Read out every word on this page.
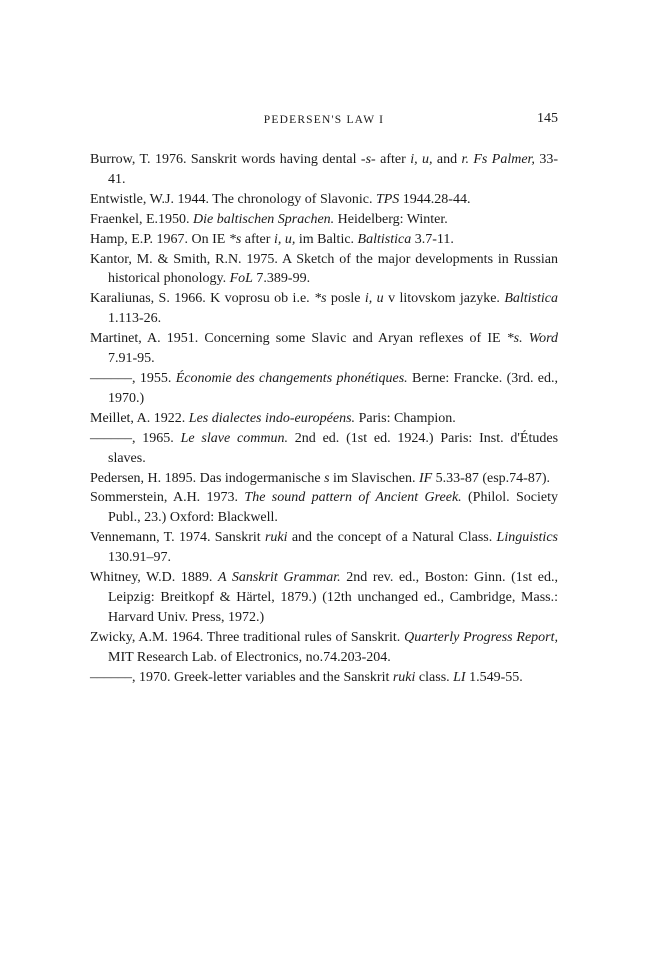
PEDERSEN'S LAW I	145
Burrow, T. 1976. Sanskrit words having dental -s- after i, u, and r. Fs Palmer, 33-41.
Entwistle, W.J. 1944. The chronology of Slavonic. TPS 1944.28-44.
Fraenkel, E.1950. Die baltischen Sprachen. Heidelberg: Winter.
Hamp, E.P. 1967. On IE *s after i, u, im Baltic. Baltistica 3.7-11.
Kantor, M. & Smith, R.N. 1975. A Sketch of the major developments in Russian historical phonology. FoL 7.389-99.
Karaliunas, S. 1966. K voprosu ob i.e. *s posle i, u v litovskom jazyke. Baltistica 1.113-26.
Martinet, A. 1951. Concerning some Slavic and Aryan reflexes of IE *s. Word 7.91-95.
––––––, 1955. Économie des changements phonétiques. Berne: Francke. (3rd. ed., 1970.)
Meillet, A. 1922. Les dialectes indo-européens. Paris: Champion.
––––––, 1965. Le slave commun. 2nd ed. (1st ed. 1924.) Paris: Inst. d'Études slaves.
Pedersen, H. 1895. Das indogermanische s im Slavischen. IF 5.33-87 (esp.74-87).
Sommerstein, A.H. 1973. The sound pattern of Ancient Greek. (Philol. Society Publ., 23.) Oxford: Blackwell.
Vennemann, T. 1974. Sanskrit ruki and the concept of a Natural Class. Linguistics 130.91–97.
Whitney, W.D. 1889. A Sanskrit Grammar. 2nd rev. ed., Boston: Ginn. (1st ed., Leipzig: Breitkopf & Härtel, 1879.) (12th unchanged ed., Cambridge, Mass.: Harvard Univ. Press, 1972.)
Zwicky, A.M. 1964. Three traditional rules of Sanskrit. Quarterly Progress Report, MIT Research Lab. of Electronics, no.74.203-204.
––––––, 1970. Greek-letter variables and the Sanskrit ruki class. LI 1.549-55.
